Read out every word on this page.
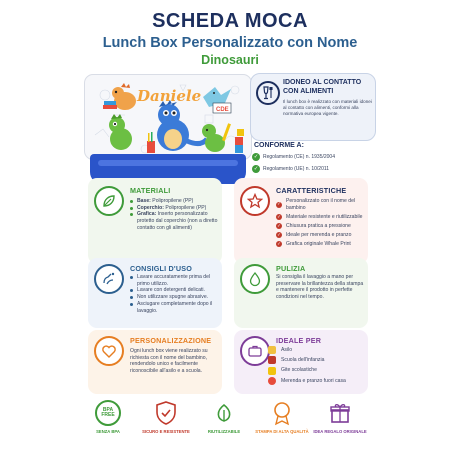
SCHEDA MOCA
Lunch Box Personalizzato con Nome
Dinosauri
CDE
Daniele
IDONEO AL CONTATTO CON ALIMENTI
Il lunch box è realizzato con materiali idonei al contatto con alimenti, conformi alla normativa europea vigente.
CONFORME A:
✓ Regolamento (CE) n. 1935/2004
✓ Regolamento (UE) n. 10/2011
MATERIALI
Base: Polipropilene (PP)
Coperchio: Polipropilene (PP)
Grafica: Inserto personalizzato protetto dal coperchio (non a diretto contatto con gli alimenti)
CARATTERISTICHE
✓ Personalizzato con il nome del bambino
✓ Materiale resistente e riutilizzabile
✓ Chiusura pratica a pressione
✓ Ideale per merenda e pranzo
✓ Grafica originale Whale Print
CONSIGLI D'USO
Lavare accuratamente prima del primo utilizzo.
Lavare con detergenti delicati.
Non utilizzare spugne abrasive.
Asciugare completamente dopo il lavaggio.
PULIZIA
Si consiglia il lavaggio a mano per preservare la brillantezza della stampa e mantenere il prodotto in perfette condizioni nel tempo.
PERSONALIZZAZIONE
Ogni lunch box viene realizzato su richiesta con il nome del bambino, rendendolo unico e facilmente riconoscibile all'asilo e a scuola.
IDEALE PER
Asilo
Scuola dell'infanzia
Gite scolastiche
Merenda e pranzo fuori casa
BPA FREE
SENZA BPA	SICURO E RESISTENTE	RIUTILIZZABILE	STAMPA DI ALTA QUALITÀ	IDEA REGALO ORIGINALE
